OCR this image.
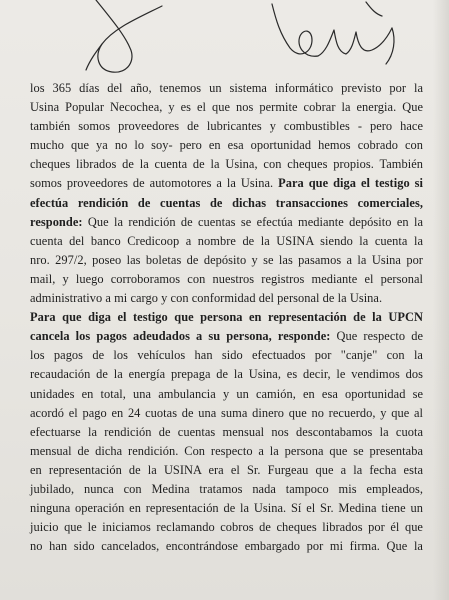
los 365 días del año, tenemos un sistema informático previsto por la
Usina Popular Necochea, y es el que nos permite cobrar la energia. Que
también somos proveedores de lubricantes y combustibles - pero hace
mucho que ya no lo soy- pero en esa oportunidad hemos cobrado con
cheques librados de la cuenta de la Usina, con cheques propios. También
somos proveedores de automotores a la Usina. Para que diga el testigo si
efectúa rendición de cuentas de dichas transacciones comerciales,
responde: Que la rendición de cuentas se efectúa mediante depósito en la
cuenta del banco Credicoop a nombre de la USINA siendo la cuenta la
nro. 297/2, poseo las boletas de depósito y se las pasamos a la Usina por
mail, y luego corroboramos con nuestros registros mediante el personal
administrativo a mi cargo y con conformidad del personal de la Usina.
Para que diga el testigo que persona en representación de la UPCN
cancela los pagos adeudados a su persona, responde: Que respecto de
los pagos de los vehículos han sido efectuados por "canje" con la
recaudación de la energía prepaga de la Usina, es decir, le vendimos dos
unidades en total, una ambulancia y un camión, en esa oportunidad se
acordó el pago en 24 cuotas de una suma dinero que no recuerdo, y que al
efectuarse la rendición de cuentas mensual nos descontabamos la cuota
mensual de dicha rendición. Con respecto a la persona que se presentaba
en representación de la USINA era el Sr. Furgeau que a la fecha esta
jubilado, nunca con Medina tratamos nada tampoco mis empleados,
ninguna operación en representación de la Usina. Sí el Sr. Medina tiene un
juicio que le iniciamos reclamando cobros de cheques librados por él que
no han sido cancelados, encontrándose embargado por mi firma. Que la
